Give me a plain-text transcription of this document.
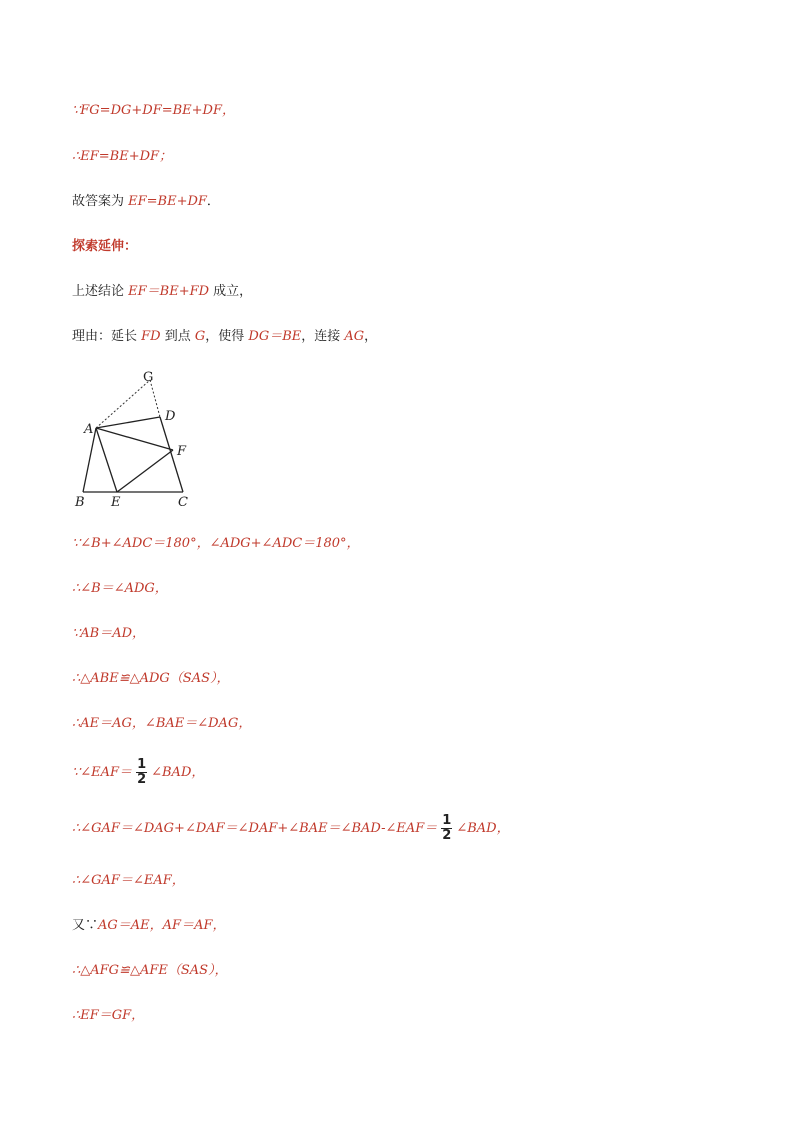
∵FG=DG+DF=BE+DF，
∴EF=BE+DF；
故答案为 EF=BE+DF．
探索延伸：
上述结论 EF＝BE+FD 成立，
理由：延长 FD 到点 G，使得 DG＝BE，连接 AG，
G
A
D
F
B E	C
∵∠B+∠ADC＝180°，∠ADG+∠ADC＝180°，
∴∠B＝∠ADG，
∵AB＝AD，
∴△ABE≌△ADG（SAS），
∴AE＝AG，∠BAE＝∠DAG，
∵∠EAF＝ $\frac{1}{2}$ ∠BAD，
∴∠GAF＝∠DAG+∠DAF＝∠DAF+∠BAE＝∠BAD-∠EAF＝ $\frac{1}{2}$ ∠BAD，
∴∠GAF＝∠EAF，
又∵AG＝AE，AF＝AF，
∴△AFG≌△AFE（SAS），
∴EF＝GF，
